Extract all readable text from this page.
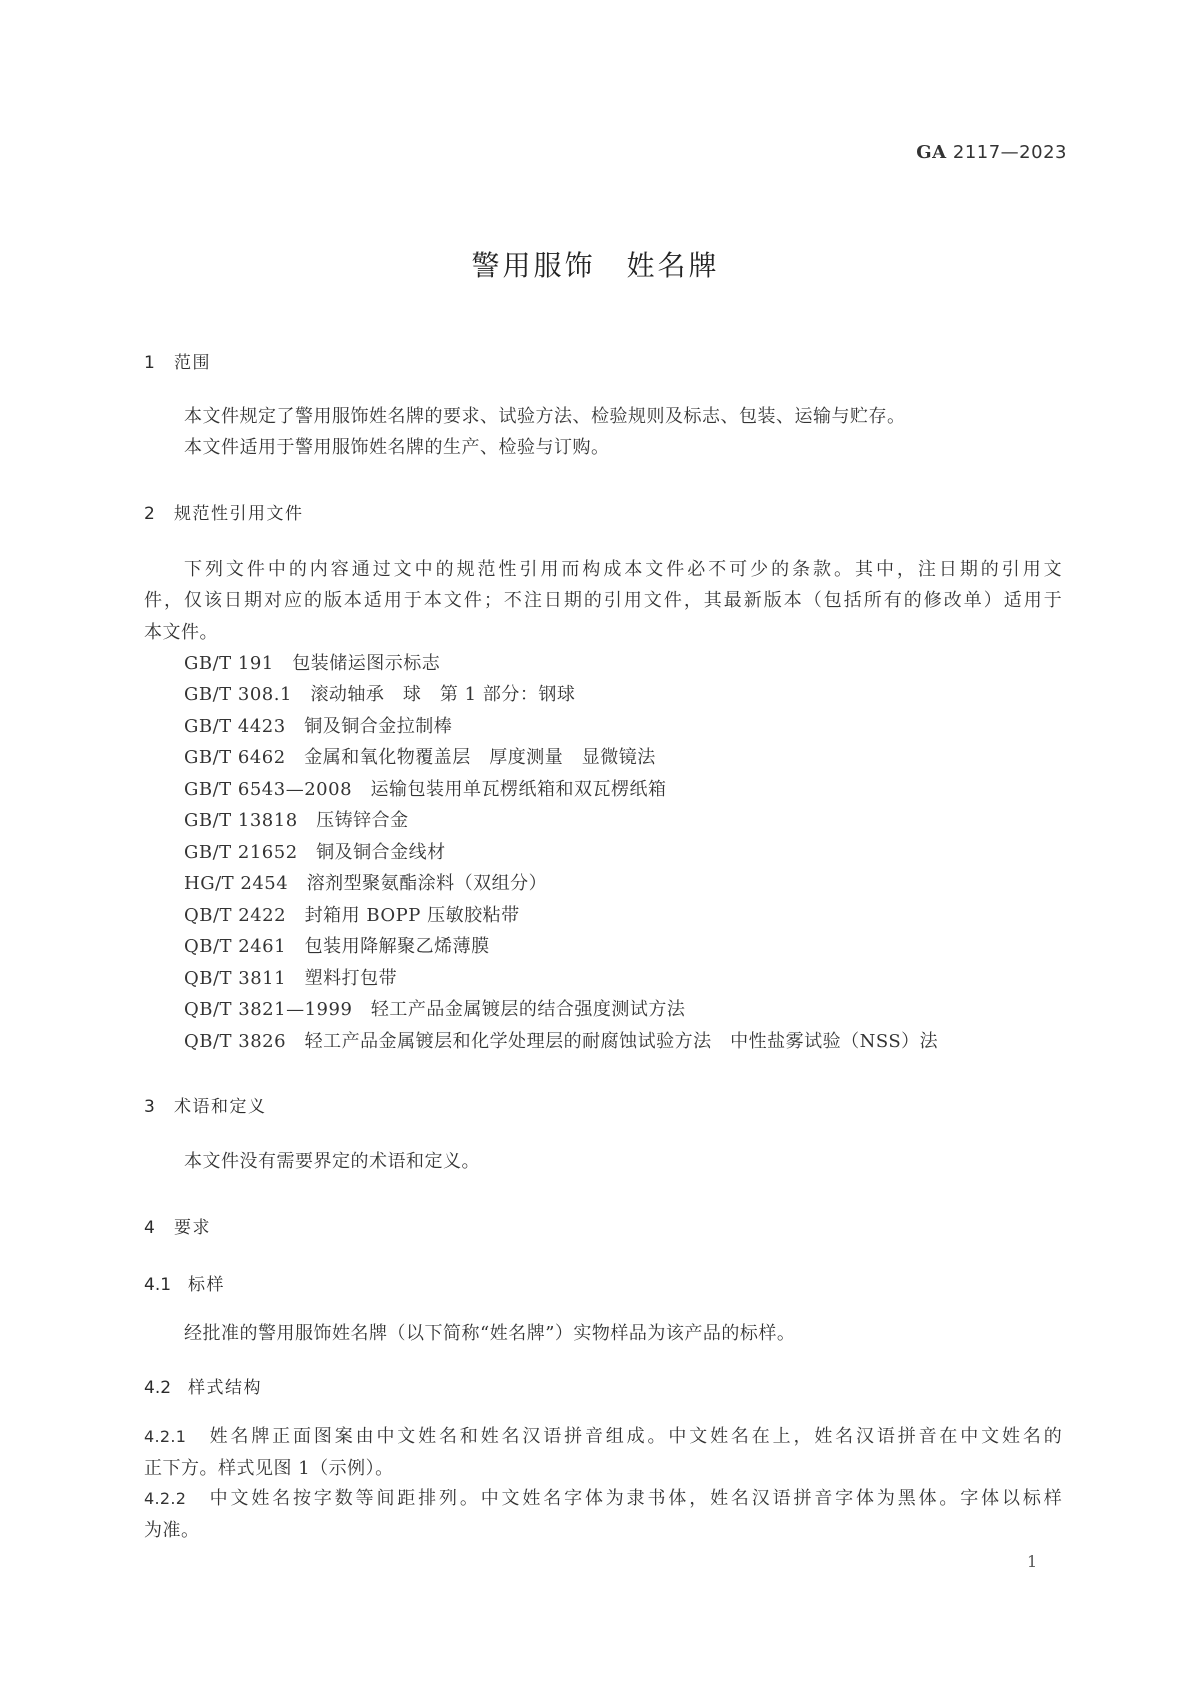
GA 2117—2023
警用服饰　姓名牌
1 范围
本文件规定了警用服饰姓名牌的要求、试验方法、检验规则及标志、包装、运输与贮存。
本文件适用于警用服饰姓名牌的生产、检验与订购。
2 规范性引用文件
下列文件中的内容通过文中的规范性引用而构成本文件必不可少的条款。其中，注日期的引用文
件，仅该日期对应的版本适用于本文件；不注日期的引用文件，其最新版本（包括所有的修改单）适用于
本文件。
GB/T 191　 包装储运图示标志
GB/T 308.1　 滚动轴承　球　第 1 部分：钢球
GB/T 4423　 铜及铜合金拉制棒
GB/T 6462　 金属和氧化物覆盖层　厚度测量　显微镜法
GB/T 6543—2008　 运输包装用单瓦楞纸箱和双瓦楞纸箱
GB/T 13818　 压铸锌合金
GB/T 21652　 铜及铜合金线材
HG/T 2454　 溶剂型聚氨酯涂料（双组分）
QB/T 2422　 封箱用 BOPP 压敏胶粘带
QB/T 2461　 包装用降解聚乙烯薄膜
QB/T 3811　 塑料打包带
QB/T 3821—1999　 轻工产品金属镀层的结合强度测试方法
QB/T 3826　 轻工产品金属镀层和化学处理层的耐腐蚀试验方法　中性盐雾试验（NSS）法
3 术语和定义
本文件没有需要界定的术语和定义。
4 要求
4.1 标样
经批准的警用服饰姓名牌（以下简称“姓名牌”）实物样品为该产品的标样。
4.2 样式结构
4.2.1　 姓名牌正面图案由中文姓名和姓名汉语拼音组成。中文姓名在上，姓名汉语拼音在中文姓名的
正下方。样式见图 1（示例）。
4.2.2　 中文姓名按字数等间距排列。中文姓名字体为隶书体，姓名汉语拼音字体为黑体。字体以标样
为准。
1
